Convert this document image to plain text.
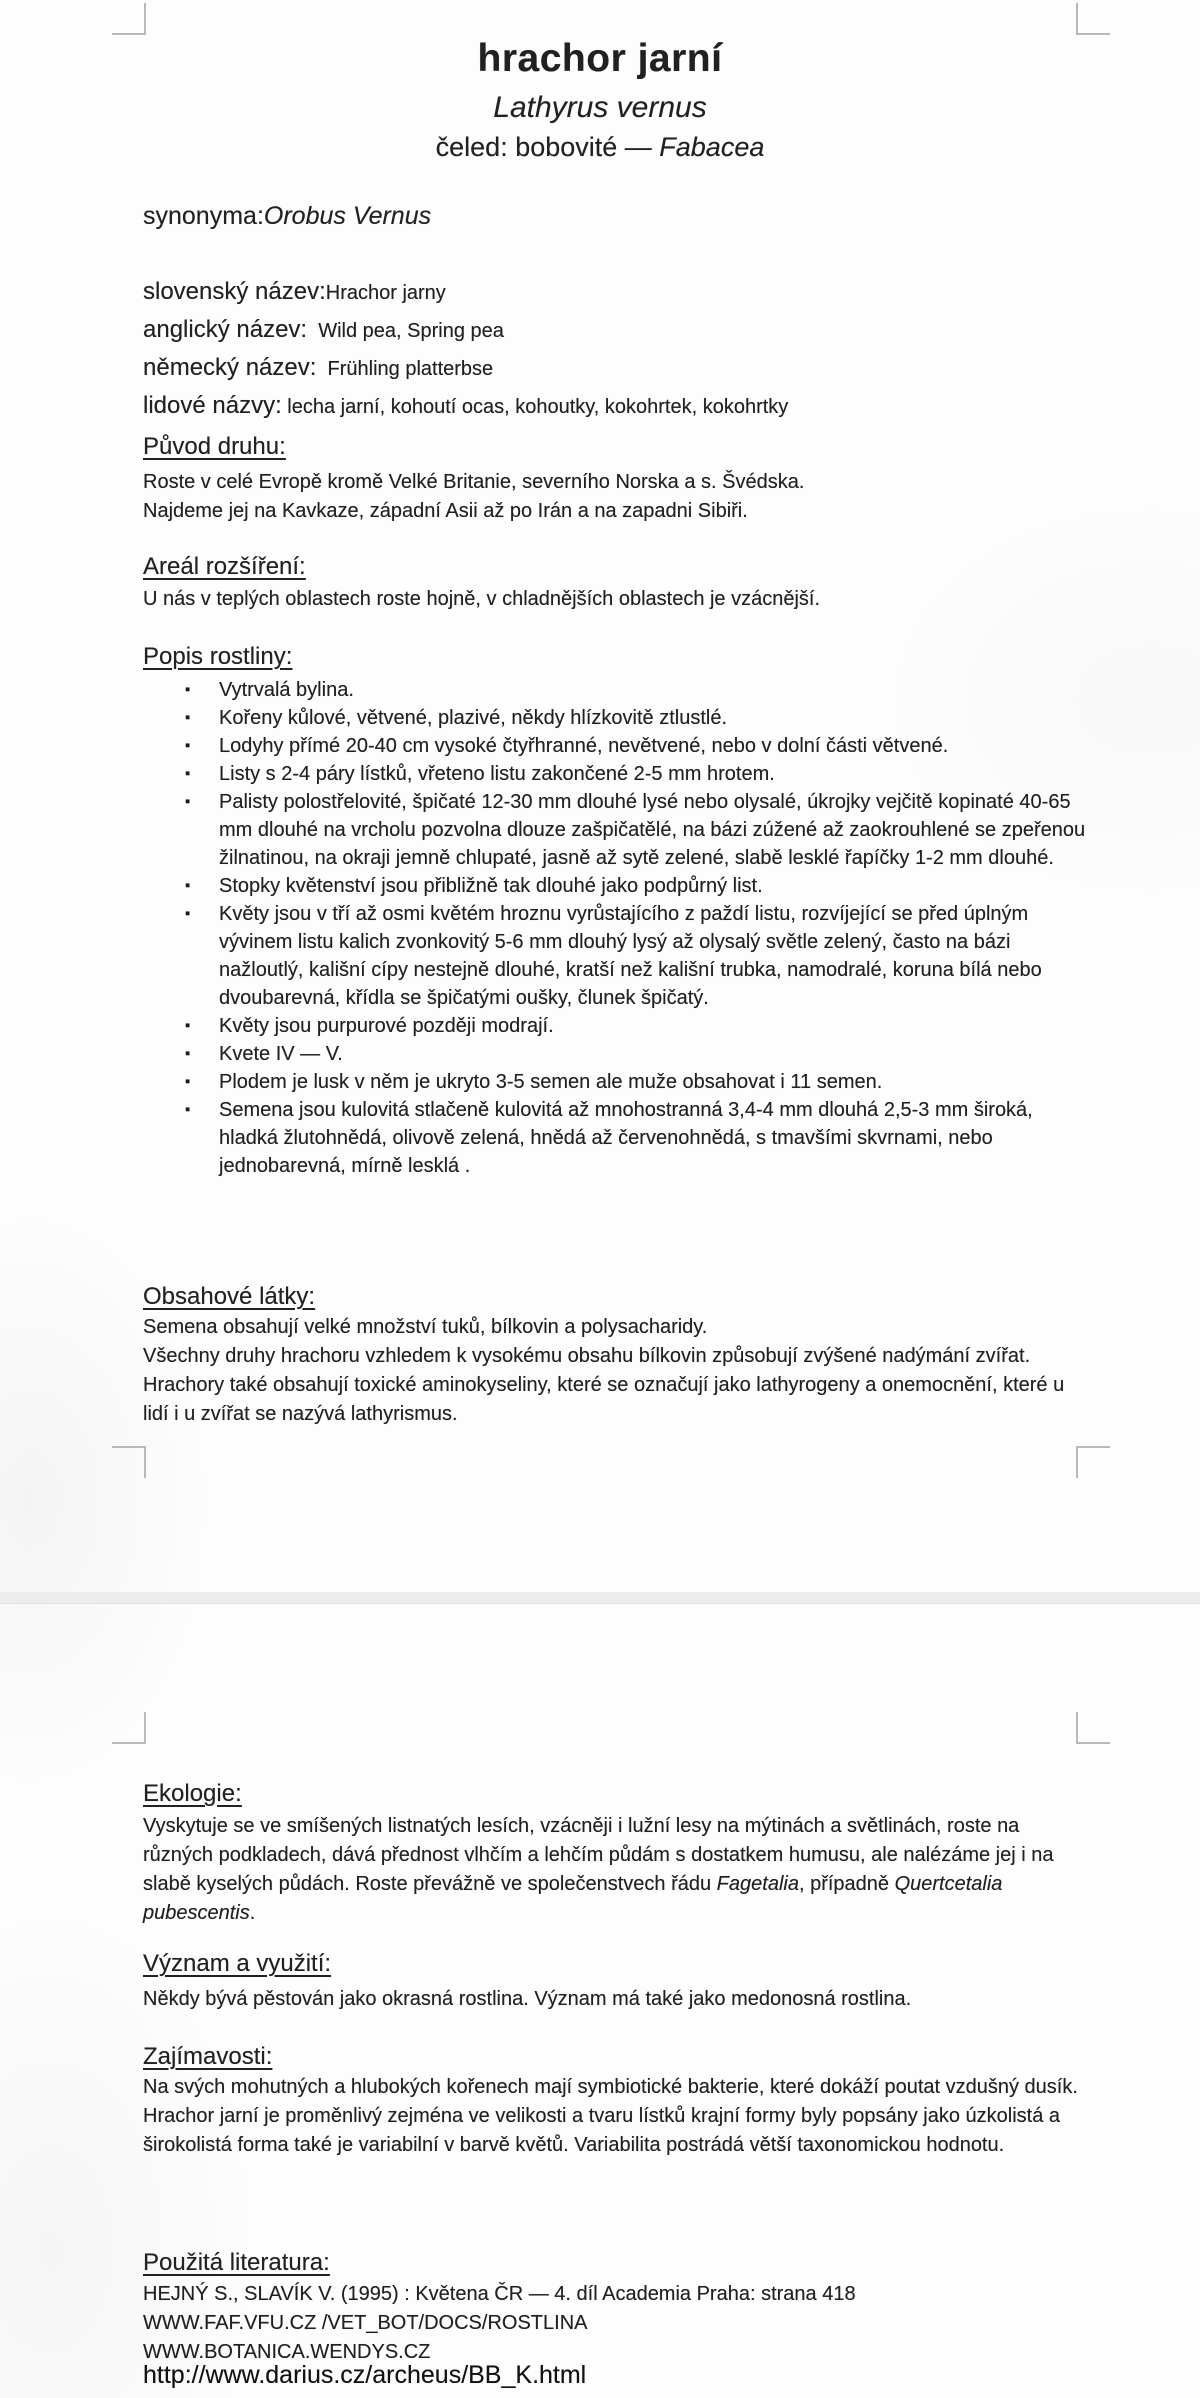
hrachor jarní
Lathyrus vernus
čeled: bobovité — Fabacea
synonyma:Orobus Vernus
slovenský název:Hrachor jarny
anglický název:  Wild pea, Spring pea
německý název:  Frühling platterbse
lidové názvy: lecha jarní, kohoutí ocas, kohoutky, kokohrtek, kokohrtky
Původ druhu:
Roste v celé Evropě kromě Velké Britanie, severního Norska a s. Švédska.
Najdeme jej na Kavkaze, západní Asii až po Irán a na zapadni Sibiři.
Areál rozšíření:
U nás v teplých oblastech roste hojně, v chladnějších oblastech je vzácnější.
Popis rostliny:
▪ Vytrvalá bylina.
▪ Kořeny kůlové, větvené, plazivé, někdy hlízkovitě ztlustlé.
▪ Lodyhy přímé 20-40 cm vysoké čtyřhranné, nevětvené, nebo v dolní části větvené.
▪ Listy s 2-4 páry lístků, vřeteno listu zakončené 2-5 mm hrotem.
▪ Palisty polostřelovité, špičaté 12-30 mm dlouhé lysé nebo olysalé, úkrojky vejčitě kopinaté 40-65 mm dlouhé na vrcholu pozvolna dlouze zašpičatělé, na bázi zúžené až zaokrouhlené se zpeřenou žilnatinou, na okraji jemně chlupaté, jasně až sytě zelené, slabě lesklé řapíčky 1-2 mm dlouhé.
▪ Stopky květenství jsou přibližně tak dlouhé jako podpůrný list.
▪ Květy jsou v tří až osmi květém hroznu vyrůstajícího z paždí listu, rozvíjející se před úplným vývinem listu kalich zvonkovitý 5-6 mm dlouhý lysý až olysalý světle zelený, často na bázi nažloutlý, kališní cípy nestejně dlouhé, kratší než kališní trubka, namodralé, koruna bílá nebo dvoubarevná, křídla se špičatými oušky, člunek špičatý.
▪ Květy jsou purpurové později modrají.
▪ Kvete IV — V.
▪ Plodem je lusk v něm je ukryto 3-5 semen ale muže obsahovat i 11 semen.
▪ Semena jsou kulovitá stlačeně kulovitá až mnohostranná 3,4-4 mm dlouhá 2,5-3 mm široká, hladká žlutohnědá, olivově zelená, hnědá až červenohnědá, s tmavšími skvrnami, nebo jednobarevná, mírně lesklá .
Obsahové látky:
Semena obsahují velké množství tuků, bílkovin a polysacharidy.
Všechny druhy hrachoru vzhledem k vysokému obsahu bílkovin způsobují zvýšené nadýmání zvířat. Hrachory také obsahují toxické aminokyseliny, které se označují jako lathyrogeny a onemocnění, které u lidí i u zvířat se nazývá lathyrismus.
Ekologie:
Vyskytuje se ve smíšených listnatých lesích, vzácněji i lužní lesy na mýtinách a světlinách, roste na různých podkladech, dává přednost vlhčím a lehčím půdám s dostatkem humusu, ale nalézáme jej i na slabě kyselých půdách. Roste převážně ve společenstvech řádu Fagetalia, případně Quertcetalia pubescentis.
Význam a využití:
Někdy bývá pěstován jako okrasná rostlina. Význam má také jako medonosná rostlina.
Zajímavosti:
Na svých mohutných a hlubokých kořenech mají symbiotické bakterie, které dokáží poutat vzdušný dusík.
Hrachor jarní je proměnlivý zejména ve velikosti a tvaru lístků krajní formy byly popsány jako úzkolistá a širokolistá forma také je variabilní v barvě květů. Variabilita postrádá větší taxonomickou hodnotu.
Použitá literatura:
HEJNÝ S., SLAVÍK V. (1995) : Květena ČR — 4. díl Academia Praha: strana 418
WWW.FAF.VFU.CZ /VET_BOT/DOCS/ROSTLINA
WWW.BOTANICA.WENDYS.CZ
http://www.darius.cz/archeus/BB_K.html
